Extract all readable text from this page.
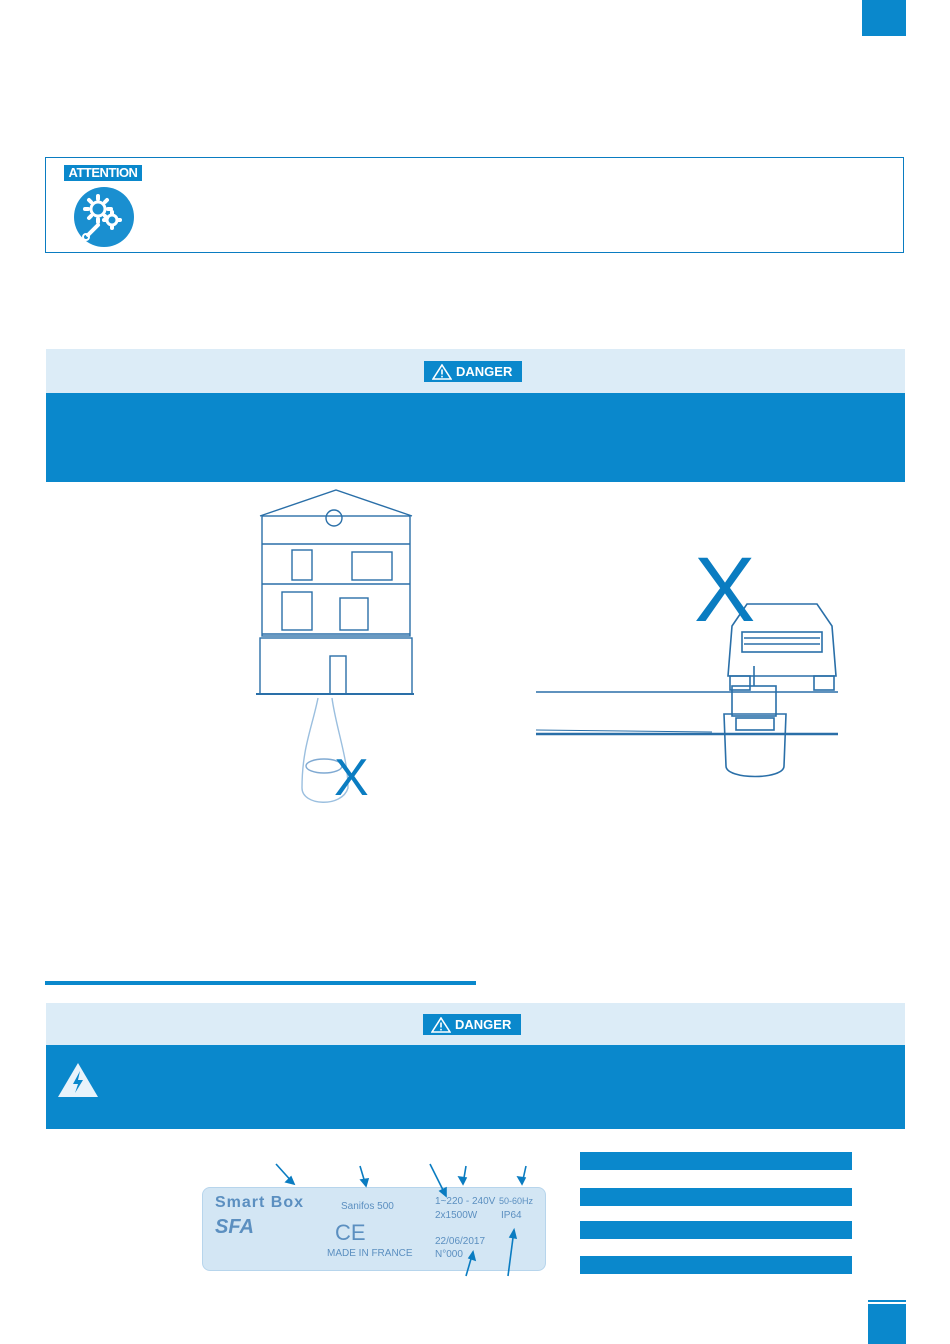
ATTENTION
DANGER
X
X
DANGER
Smart Box
SFA
Sanifos 500
CE
MADE IN FRANCE
1~220 - 240V 50-60Hz
2x1500W IP64
22/06/2017
N°000
